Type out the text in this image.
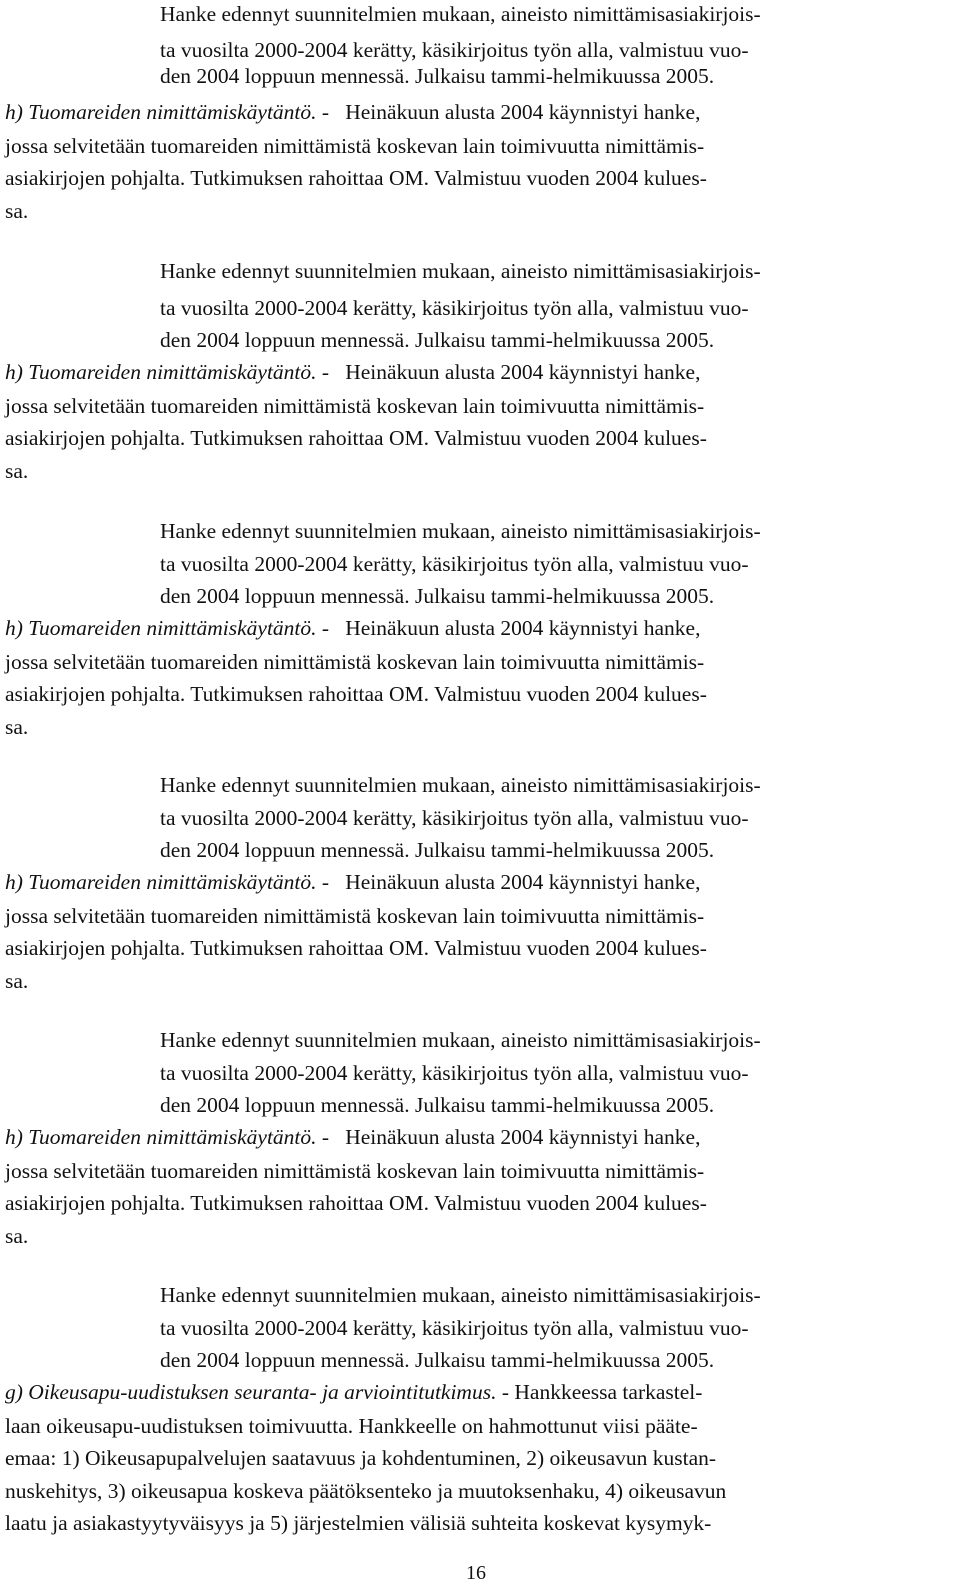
Hanke edennyt suunnitelmien mukaan, aineisto nimittämisasiakirjois-
ta vuosilta 2000-2004 kerätty, käsikirjoitus työn alla, valmistuu vuo-
den 2004 loppuun mennessä. Julkaisu tammi-helmikuussa 2005.
h) Tuomareiden nimittämiskäytäntö. -   Heinäkuun alusta 2004 käynnistyi hanke,
jossa selvitetään tuomareiden nimittämistä koskevan lain toimivuutta nimittämis-
asiakirjojen pohjalta. Tutkimuksen rahoittaa OM. Valmistuu vuoden 2004 kulues-
sa.
Hanke edennyt suunnitelmien mukaan, aineisto nimittämisasiakirjois-
ta vuosilta 2000-2004 kerätty, käsikirjoitus työn alla, valmistuu vuo-
den 2004 loppuun mennessä. Julkaisu tammi-helmikuussa 2005.
h) Tuomareiden nimittämiskäytäntö. -   Heinäkuun alusta 2004 käynnistyi hanke,
jossa selvitetään tuomareiden nimittämistä koskevan lain toimivuutta nimittämis-
asiakirjojen pohjalta. Tutkimuksen rahoittaa OM. Valmistuu vuoden 2004 kulues-
sa.
Hanke edennyt suunnitelmien mukaan, aineisto nimittämisasiakirjois-
ta vuosilta 2000-2004 kerätty, käsikirjoitus työn alla, valmistuu vuo-
den 2004 loppuun mennessä. Julkaisu tammi-helmikuussa 2005.
h) Tuomareiden nimittämiskäytäntö. -   Heinäkuun alusta 2004 käynnistyi hanke,
jossa selvitetään tuomareiden nimittämistä koskevan lain toimivuutta nimittämis-
asiakirjojen pohjalta. Tutkimuksen rahoittaa OM. Valmistuu vuoden 2004 kulues-
sa.
Hanke edennyt suunnitelmien mukaan, aineisto nimittämisasiakirjois-
ta vuosilta 2000-2004 kerätty, käsikirjoitus työn alla, valmistuu vuo-
den 2004 loppuun mennessä. Julkaisu tammi-helmikuussa 2005.
h) Tuomareiden nimittämiskäytäntö. -   Heinäkuun alusta 2004 käynnistyi hanke,
jossa selvitetään tuomareiden nimittämistä koskevan lain toimivuutta nimittämis-
asiakirjojen pohjalta. Tutkimuksen rahoittaa OM. Valmistuu vuoden 2004 kulues-
sa.
Hanke edennyt suunnitelmien mukaan, aineisto nimittämisasiakirjois-
ta vuosilta 2000-2004 kerätty, käsikirjoitus työn alla, valmistuu vuo-
den 2004 loppuun mennessä. Julkaisu tammi-helmikuussa 2005.
h) Tuomareiden nimittämiskäytäntö. -   Heinäkuun alusta 2004 käynnistyi hanke,
jossa selvitetään tuomareiden nimittämistä koskevan lain toimivuutta nimittämis-
asiakirjojen pohjalta. Tutkimuksen rahoittaa OM. Valmistuu vuoden 2004 kulues-
sa.
Hanke edennyt suunnitelmien mukaan, aineisto nimittämisasiakirjois-
ta vuosilta 2000-2004 kerätty, käsikirjoitus työn alla, valmistuu vuo-
den 2004 loppuun mennessä. Julkaisu tammi-helmikuussa 2005.
g) Oikeusapu-uudistuksen seuranta- ja arviointitutkimus. - Hankkeessa tarkastel-
laan oikeusapu-uudistuksen toimivuutta. Hankkeelle on hahmottunut viisi pääte-
emaa: 1) Oikeusapupalvelujen saatavuus ja kohdentuminen, 2) oikeusavun kustan-
nuskehitys, 3) oikeusapua koskeva päätöksenteko ja muutoksenhaku, 4) oikeusavun
laatu ja asiakastyytyväisyys ja 5) järjestelmien välisiä suhteita koskevat kysymyk-
16
